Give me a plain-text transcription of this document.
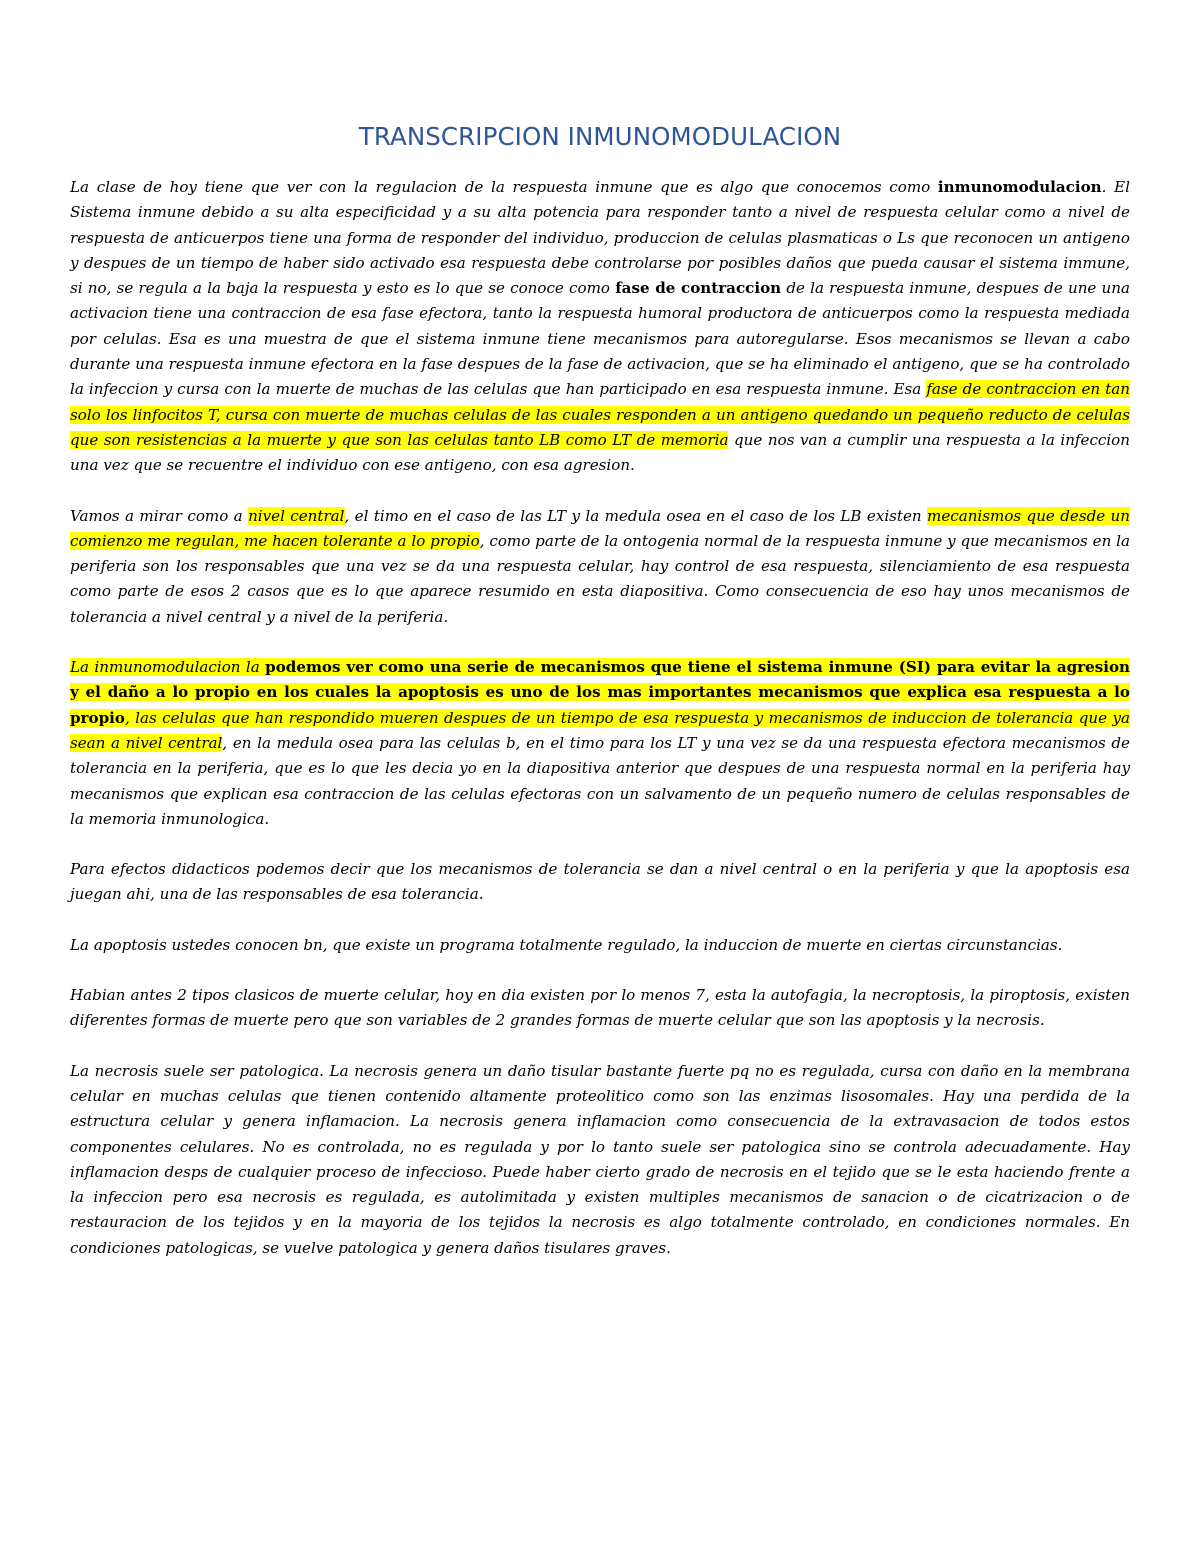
TRANSCRIPCION INMUNOMODULACION

La clase de hoy tiene que ver con la regulacion de la respuesta inmune que es algo que conocemos como inmunomodulacion. El Sistema inmune debido a su alta especificidad y a su alta potencia para responder tanto a nivel de respuesta celular como a nivel de respuesta de anticuerpos tiene una forma de responder del individuo, produccion de celulas plasmaticas o Ls que reconocen un antigeno y despues de un tiempo de haber sido activado esa respuesta debe controlarse por posibles daños que pueda causar el sistema immune, si no, se regula a la baja la respuesta y esto es lo que se conoce como fase de contraccion de la respuesta inmune, despues de une una activacion tiene una contraccion de esa fase efectora, tanto la respuesta humoral productora de anticuerpos como la respuesta mediada por celulas. Esa es una muestra de que el sistema inmune tiene mecanismos para autoregularse. Esos mecanismos se llevan a cabo durante una respuesta inmune efectora en la fase despues de la fase de activacion, que se ha eliminado el antigeno, que se ha controlado la infeccion y cursa con la muerte de muchas de las celulas que han participado en esa respuesta inmune. Esa fase de contraccion en tan solo los linfocitos T, cursa con muerte de muchas celulas de las cuales responden a un antigeno quedando un pequeño reducto de celulas que son resistencias a la muerte y que son las celulas tanto LB como LT de memoria que nos van a cumplir una respuesta a la infeccion una vez que se recuentre el individuo con ese antigeno, con esa agresion.

Vamos a mirar como a nivel central, el timo en el caso de las LT y la medula osea en el caso de los LB existen mecanismos que desde un comienzo me regulan, me hacen tolerante a lo propio, como parte de la ontogenia normal de la respuesta inmune y que mecanismos en la periferia son los responsables que una vez se da una respuesta celular, hay control de esa respuesta, silenciamiento de esa respuesta como parte de esos 2 casos que es lo que aparece resumido en esta diapositiva. Como consecuencia de eso hay unos mecanismos de tolerancia a nivel central y a nivel de la periferia.

La inmunomodulacion la podemos ver como una serie de mecanismos que tiene el sistema inmune (SI) para evitar la agresion y el daño a lo propio en los cuales la apoptosis es uno de los mas importantes mecanismos que explica esa respuesta a lo propio, las celulas que han respondido mueren despues de un tiempo de esa respuesta y mecanismos de induccion de tolerancia que ya sean a nivel central, en la medula osea para las celulas b, en el timo para los LT y una vez se da una respuesta efectora mecanismos de tolerancia en la periferia, que es lo que les decia yo en la diapositiva anterior que despues de una respuesta normal en la periferia hay mecanismos que explican esa contraccion de las celulas efectoras con un salvamento de un pequeño numero de celulas responsables de la memoria inmunologica.

Para efectos didacticos podemos decir que los mecanismos de tolerancia se dan a nivel central o en la periferia y que la apoptosis esa juegan ahi, una de las responsables de esa tolerancia.

La apoptosis ustedes conocen bn, que existe un programa totalmente regulado, la induccion de muerte en ciertas circunstancias.

Habian antes 2 tipos clasicos de muerte celular, hoy en dia existen por lo menos 7, esta la autofagia, la necroptosis, la piroptosis, existen diferentes formas de muerte pero que son variables de 2 grandes formas de muerte celular que son las apoptosis y la necrosis.

La necrosis suele ser patologica. La necrosis genera un daño tisular bastante fuerte pq no es regulada, cursa con daño en la membrana celular en muchas celulas que tienen contenido altamente proteolitico como son las enzimas lisosomales. Hay una perdida de la estructura celular y genera inflamacion. La necrosis genera inflamacion como consecuencia de la extravasacion de todos estos componentes celulares. No es controlada, no es regulada y por lo tanto suele ser patologica sino se controla adecuadamente. Hay inflamacion desps de cualquier proceso de infeccioso. Puede haber cierto grado de necrosis en el tejido que se le esta haciendo frente a la infeccion pero esa necrosis es regulada, es autolimitada y existen multiples mecanismos de sanacion o de cicatrizacion o de restauracion de los tejidos y en la mayoria de los tejidos la necrosis es algo totalmente controlado, en condiciones normales. En condiciones patologicas, se vuelve patologica y genera daños tisulares graves.
